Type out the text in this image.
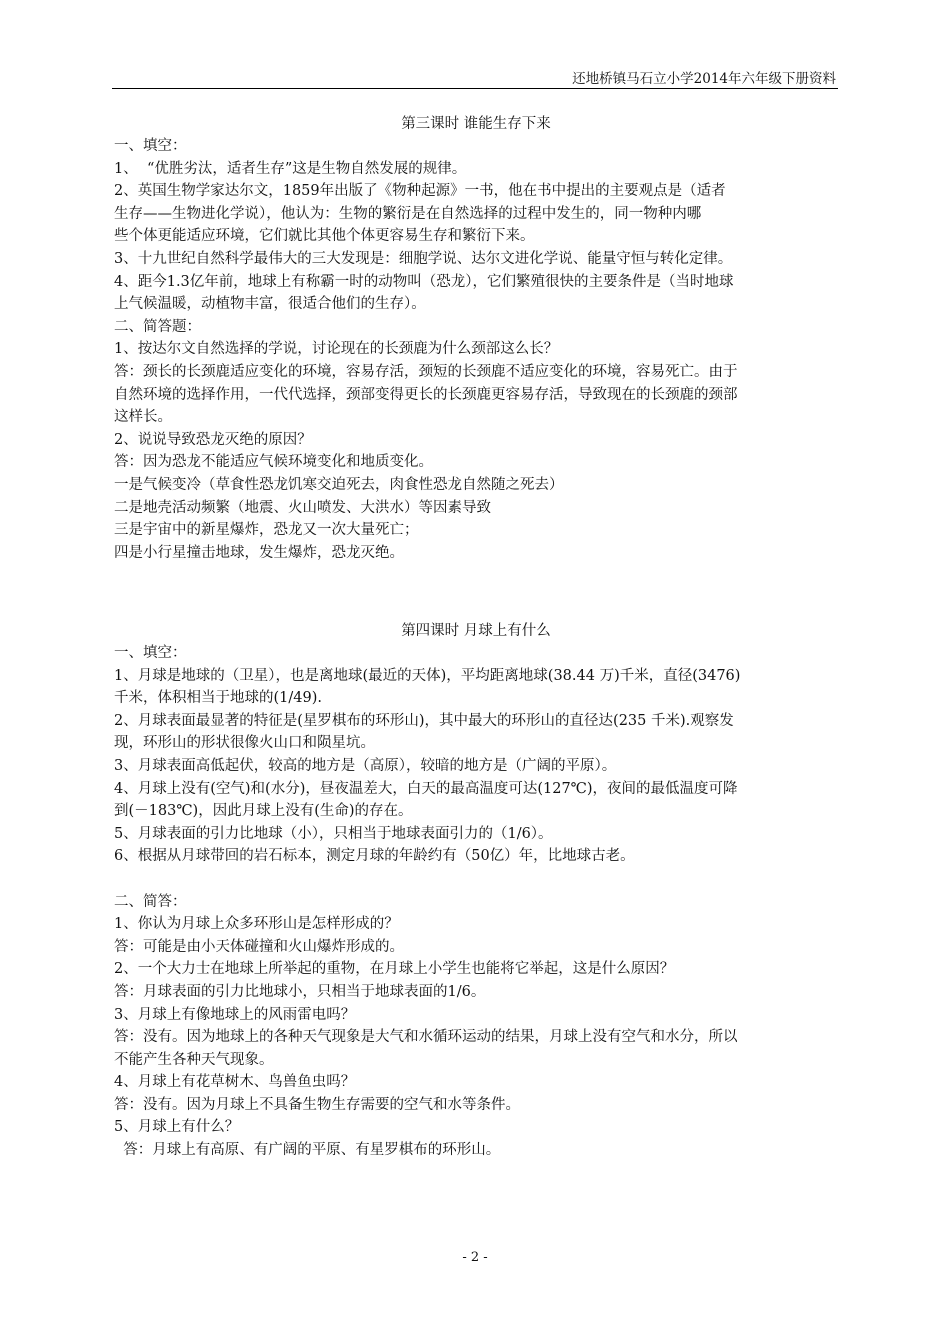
还地桥镇马石立小学2014年六年级下册资料
第三课时 谁能生存下来
一、填空：
1、  “优胜劣汰，适者生存”这是生物自然发展的规律。
2、英国生物学家达尔文，1859年出版了《物种起源》一书，他在书中提出的主要观点是（适者
生存——生物进化学说），他认为：生物的繁衍是在自然选择的过程中发生的，同一物种内哪
些个体更能适应环境，它们就比其他个体更容易生存和繁衍下来。
3、十九世纪自然科学最伟大的三大发现是：细胞学说、达尔文进化学说、能量守恒与转化定律。
4、距今1.3亿年前，地球上有称霸一时的动物叫（恐龙），它们繁殖很快的主要条件是（当时地球
上气候温暖，动植物丰富，很适合他们的生存）。
二、简答题：
1、按达尔文自然选择的学说，讨论现在的长颈鹿为什么颈部这么长？
答：颈长的长颈鹿适应变化的环境，容易存活，颈短的长颈鹿不适应变化的环境，容易死亡。由于
自然环境的选择作用，一代代选择，颈部变得更长的长颈鹿更容易存活，导致现在的长颈鹿的颈部
这样长。
2、说说导致恐龙灭绝的原因？
答：因为恐龙不能适应气候环境变化和地质变化。
一是气候变冷（草食性恐龙饥寒交迫死去，肉食性恐龙自然随之死去）
二是地壳活动频繁（地震、火山喷发、大洪水）等因素导致
三是宇宙中的新星爆炸，恐龙又一次大量死亡；
四是小行星撞击地球，发生爆炸，恐龙灭绝。
第四课时 月球上有什么
一、填空：
1、月球是地球的（卫星），也是离地球(最近的天体)，平均距离地球(38.44 万)千米，直径(3476)
千米，体积相当于地球的(1/49).
2、月球表面最显著的特征是(星罗棋布的环形山)，其中最大的环形山的直径达(235 千米).观察发
现，环形山的形状很像火山口和陨星坑。
3、月球表面高低起伏，较高的地方是（高原），较暗的地方是（广阔的平原）。
4、月球上没有(空气)和(水分)，昼夜温差大，白天的最高温度可达(127℃)，夜间的最低温度可降
到(－183℃)，因此月球上没有(生命)的存在。
5、月球表面的引力比地球（小），只相当于地球表面引力的（1/6）。
6、根据从月球带回的岩石标本，测定月球的年龄约有（50亿）年，比地球古老。
二、简答：
1、你认为月球上众多环形山是怎样形成的？
答：可能是由小天体碰撞和火山爆炸形成的。
2、一个大力士在地球上所举起的重物，在月球上小学生也能将它举起，这是什么原因？
答：月球表面的引力比地球小，只相当于地球表面的1/6。
3、月球上有像地球上的风雨雷电吗？
答：没有。因为地球上的各种天气现象是大气和水循环运动的结果，月球上没有空气和水分，所以
不能产生各种天气现象。
4、月球上有花草树木、鸟兽鱼虫吗？
答：没有。因为月球上不具备生物生存需要的空气和水等条件。
5、月球上有什么？
答：月球上有高原、有广阔的平原、有星罗棋布的环形山。
- 2 -
